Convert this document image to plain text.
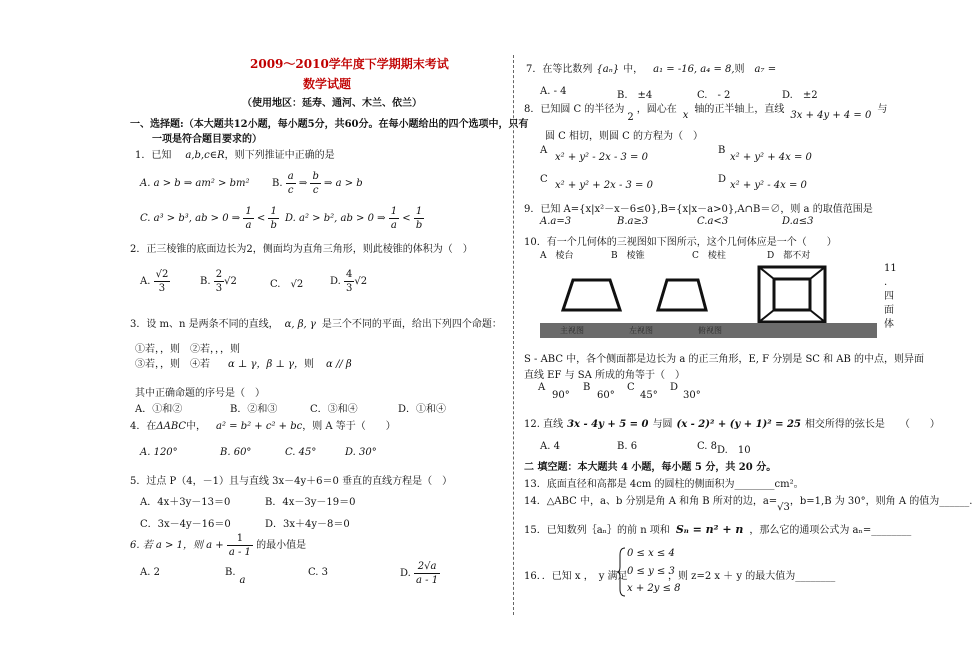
2009～2010学年度下学期期末考试
数学试题
（使用地区：延寿、通河、木兰、依兰）
一、选择题:（本大题共12小题，每小题5分，共60分。在每小题给出的四个选项中，只有
一项是符合题目要求的）
1．已知 a,b,c∈R，则下列推证中正确的是
A. a > b ⇒ am² > bm² B. $\frac{a}{c}$ ⇒ $\frac{b}{c}$ ⇒ a > b
C. a³ > b³, ab > 0 ⇒ $\frac{1}{a} < \frac{1}{b} D$. a² > b², ab > 0 ⇒ $\frac{1}{a} < \frac{1}{b}$
2．正三棱锥的底面边长为2，侧面均为直角三角形，则此棱锥的体积为（　）
A. $\frac{√2}{3}$	B. $\frac{2}{3} √2$	C.　√2	D. $\frac{4}{3} √2$
3．设 m、n 是两条不同的直线， α, β, γ 是三个不同的平面，给出下列四个命题：
①若，，则　②若，，，则
③若，，则　④若 α ⊥ γ，β ⊥ γ，则 α // β
其中正确命题的序号是（　）
A．①和②	B．②和③	C．③和④	D．①和④
4．在ΔABC中， a² = b² + c² + bc，则 A 等于（　　）
A. 120°	B. 60°	C. 45°	D. 30°
5．过点 P（4，－1）且与直线 3x－4y＋6＝0 垂直的直线方程是（　）
A．4x＋3y－13＝0	B．4x－3y－19＝0
C．3x－4y－16＝0	D．3x＋4y－8＝0
6. 若 a > 1，则 $a + \frac{1}{a - 1}$ 的最小值是
A. 2	B.a
C. 3	D. $\frac{2√a}{a - 1}$
7．在等比数列 {aₙ} 中， a₁ = -16, a₄ = 8,则 a₇ =
A. - 4	B.　±4	C.　- 2	D.　±2
8．已知圆 C 的半径为2，圆心在x轴的正半轴上，直线3x + 4y + 4 = 0与
圆 C 相切，则圆 C 的方程为（　）
A
x² + y² - 2x - 3 = 0
B
x² + y² + 4x = 0
C
x² + y² + 2x - 3 = 0
D
x² + y² - 4x = 0
9．已知 A={x|x²－x－6≤0},B={x|x－a>0},A∩B＝∅，则 a 的取值范围是
A.a=3	B.a≥3	C.a<3	D.a≤3
10．有一个几何体的三视图如下图所示，这个几何体应是一个（　　）
A　棱台	B　棱锥	C　棱柱	D　都不对
主视图	左视图	俯视图
11
.
四
面
体
S - ABC 中，各个侧面都是边长为 a 的正三角形，E, F 分别是 SC 和 AB 的中点，则异面
直线 EF 与 SA 所成的角等于（　）
A
90°
B
60°
C
45°
D
30°
12. 直线 3x - 4y + 5 = 0 与圆 (x - 2)² + (y + 1)² = 25 相交所得的弦长是　　（　　）
A. 4	B. 6	C. 8 D.　10
二 填空题：本大题共 4 小题，每小题 5 分，共 20 分。
13．底面直径和高都是 4cm 的圆柱的侧面积为________cm²。
14．△ABC 中，a、b 分别是角 A 和角 B 所对的边，a=√3，b=1,B 为 30°，则角 A 的值为______.
15．已知数列｛aₙ｝的前 n 项和 Sₙ = n² + n ，那么它的通项公式为 aₙ=________
16．．已知 x ，　y 满足
0 ≤ x ≤ 4
0 ≤ y ≤ 3
x + 2y ≤ 8
，则 z=2 x ＋ y 的最大值为________
